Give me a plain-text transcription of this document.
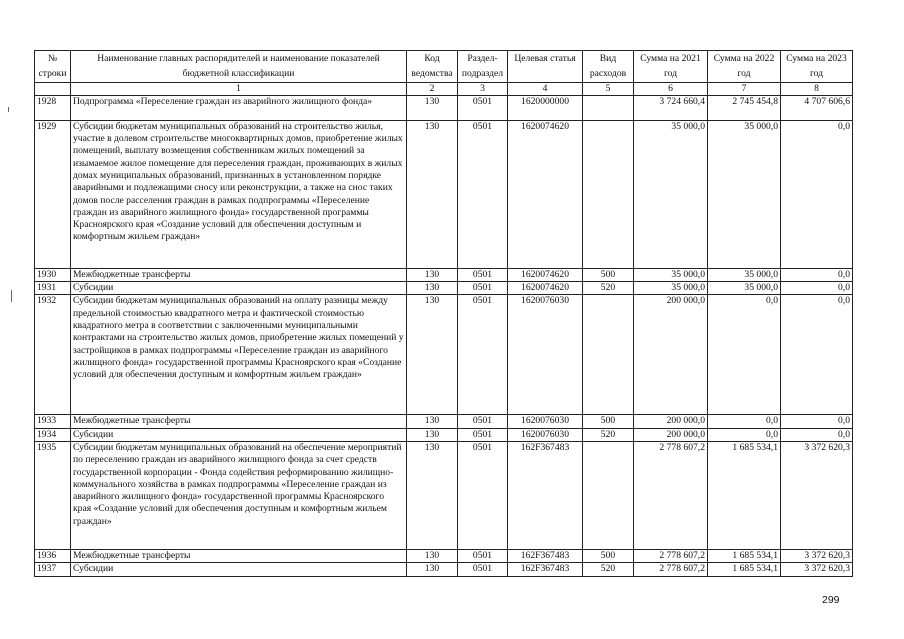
№ строки	Наименование главных распорядителей и наименование показателей бюджетной классификации	Код ведомства	Раздел-подраздел	Целевая статья	Вид расходов	Сумма на 2021 год	Сумма на 2022 год	Сумма на 2023 год
	1	2	3	4	5	6	7	8
1928	Подпрограмма «Переселение граждан из аварийного жилищного фонда»	130	0501	1620000000		3 724 660,4	2 745 454,8	4 707 606,6
1929	Субсидии бюджетам муниципальных образований на строительство жилья, участие в долевом строительстве многоквартирных домов, приобретение жилых помещений, выплату возмещения собственникам жилых помещений за изымаемое жилое помещение для переселения граждан, проживающих в жилых домах муниципальных образований, признанных в установленном порядке аварийными и подлежащими сносу или реконструкции, а также на снос таких домов после расселения граждан в рамках подпрограммы «Переселение граждан из аварийного жилищного фонда» государственной программы Красноярского края «Создание условий для обеспечения доступным и комфортным жильем граждан»	130	0501	1620074620		35 000,0	35 000,0	0,0
1930	Межбюджетные трансферты	130	0501	1620074620	500	35 000,0	35 000,0	0,0
1931	Субсидии	130	0501	1620074620	520	35 000,0	35 000,0	0,0
1932	Субсидии бюджетам муниципальных образований на оплату разницы между предельной стоимостью квадратного метра и фактической стоимостью квадратного метра в соответствии с заключенными муниципальными контрактами на строительство жилых домов, приобретение жилых помещений у застройщиков в рамках подпрограммы «Переселение граждан из аварийного жилищного фонда» государственной программы Красноярского края «Создание условий для обеспечения доступным и комфортным жильем граждан»	130	0501	1620076030		200 000,0	0,0	0,0
1933	Межбюджетные трансферты	130	0501	1620076030	500	200 000,0	0,0	0,0
1934	Субсидии	130	0501	1620076030	520	200 000,0	0,0	0,0
1935	Субсидии бюджетам муниципальных образований на обеспечение мероприятий по переселению граждан из аварийного жилищного фонда за счет средств государственной корпорации - Фонда содействия реформированию жилищно-коммунального хозяйства в рамках подпрограммы «Переселение граждан из аварийного жилищного фонда» государственной программы Красноярского края «Создание условий для обеспечения доступным и комфортным жильем граждан»	130	0501	162F367483		2 778 607,2	1 685 534,1	3 372 620,3
1936	Межбюджетные трансферты	130	0501	162F367483	500	2 778 607,2	1 685 534,1	3 372 620,3
1937	Субсидии	130	0501	162F367483	520	2 778 607,2	1 685 534,1	3 372 620,3
299
